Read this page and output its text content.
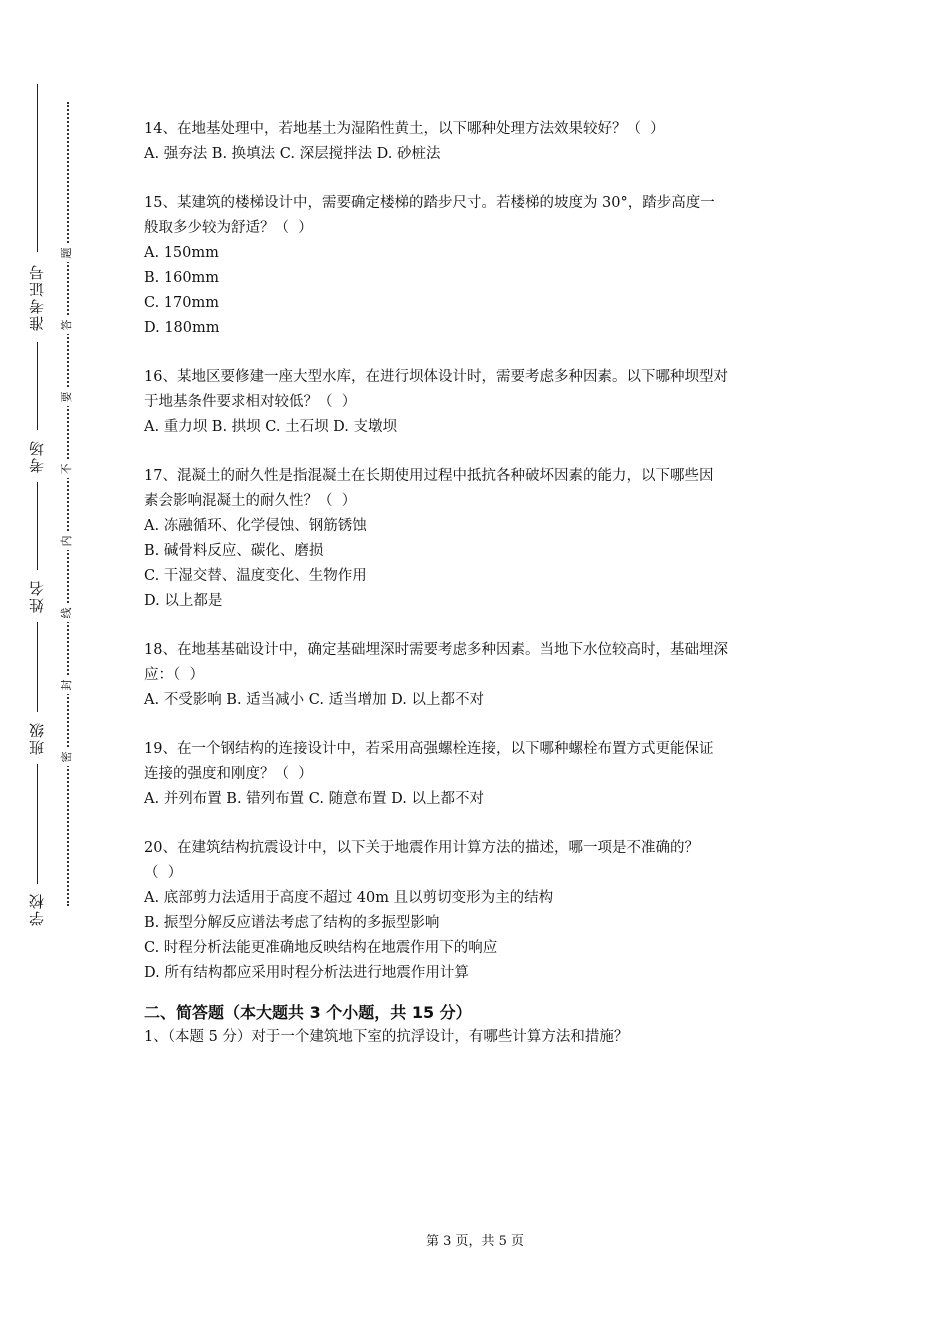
准考证号
考场
姓名
班级
学校
题
答
要
不
内
线
封
密
14、在地基处理中，若地基土为湿陷性黄土，以下哪种处理方法效果较好？（  ）
A. 强夯法 B. 换填法 C. 深层搅拌法 D. 砂桩法
15、某建筑的楼梯设计中，需要确定楼梯的踏步尺寸。若楼梯的坡度为 30°，踏步高度一
般取多少较为舒适？（  ）
A. 150mm
B. 160mm
C. 170mm
D. 180mm
16、某地区要修建一座大型水库，在进行坝体设计时，需要考虑多种因素。以下哪种坝型对
于地基条件要求相对较低？（  ）
A. 重力坝 B. 拱坝 C. 土石坝 D. 支墩坝
17、混凝土的耐久性是指混凝土在长期使用过程中抵抗各种破坏因素的能力，以下哪些因
素会影响混凝土的耐久性？（  ）
A. 冻融循环、化学侵蚀、钢筋锈蚀
B. 碱骨料反应、碳化、磨损
C. 干湿交替、温度变化、生物作用
D. 以上都是
18、在地基基础设计中，确定基础埋深时需要考虑多种因素。当地下水位较高时，基础埋深
应：（  ）
A. 不受影响 B. 适当减小 C. 适当增加 D. 以上都不对
19、在一个钢结构的连接设计中，若采用高强螺栓连接，以下哪种螺栓布置方式更能保证
连接的强度和刚度？（  ）
A. 并列布置 B. 错列布置 C. 随意布置 D. 以上都不对
20、在建筑结构抗震设计中，以下关于地震作用计算方法的描述，哪一项是不准确的？
（  ）
A. 底部剪力法适用于高度不超过 40m 且以剪切变形为主的结构
B. 振型分解反应谱法考虑了结构的多振型影响
C. 时程分析法能更准确地反映结构在地震作用下的响应
D. 所有结构都应采用时程分析法进行地震作用计算
二、简答题（本大题共 3 个小题，共 15 分）
1、（本题 5 分）对于一个建筑地下室的抗浮设计，有哪些计算方法和措施？
第 3 页，共 5 页
